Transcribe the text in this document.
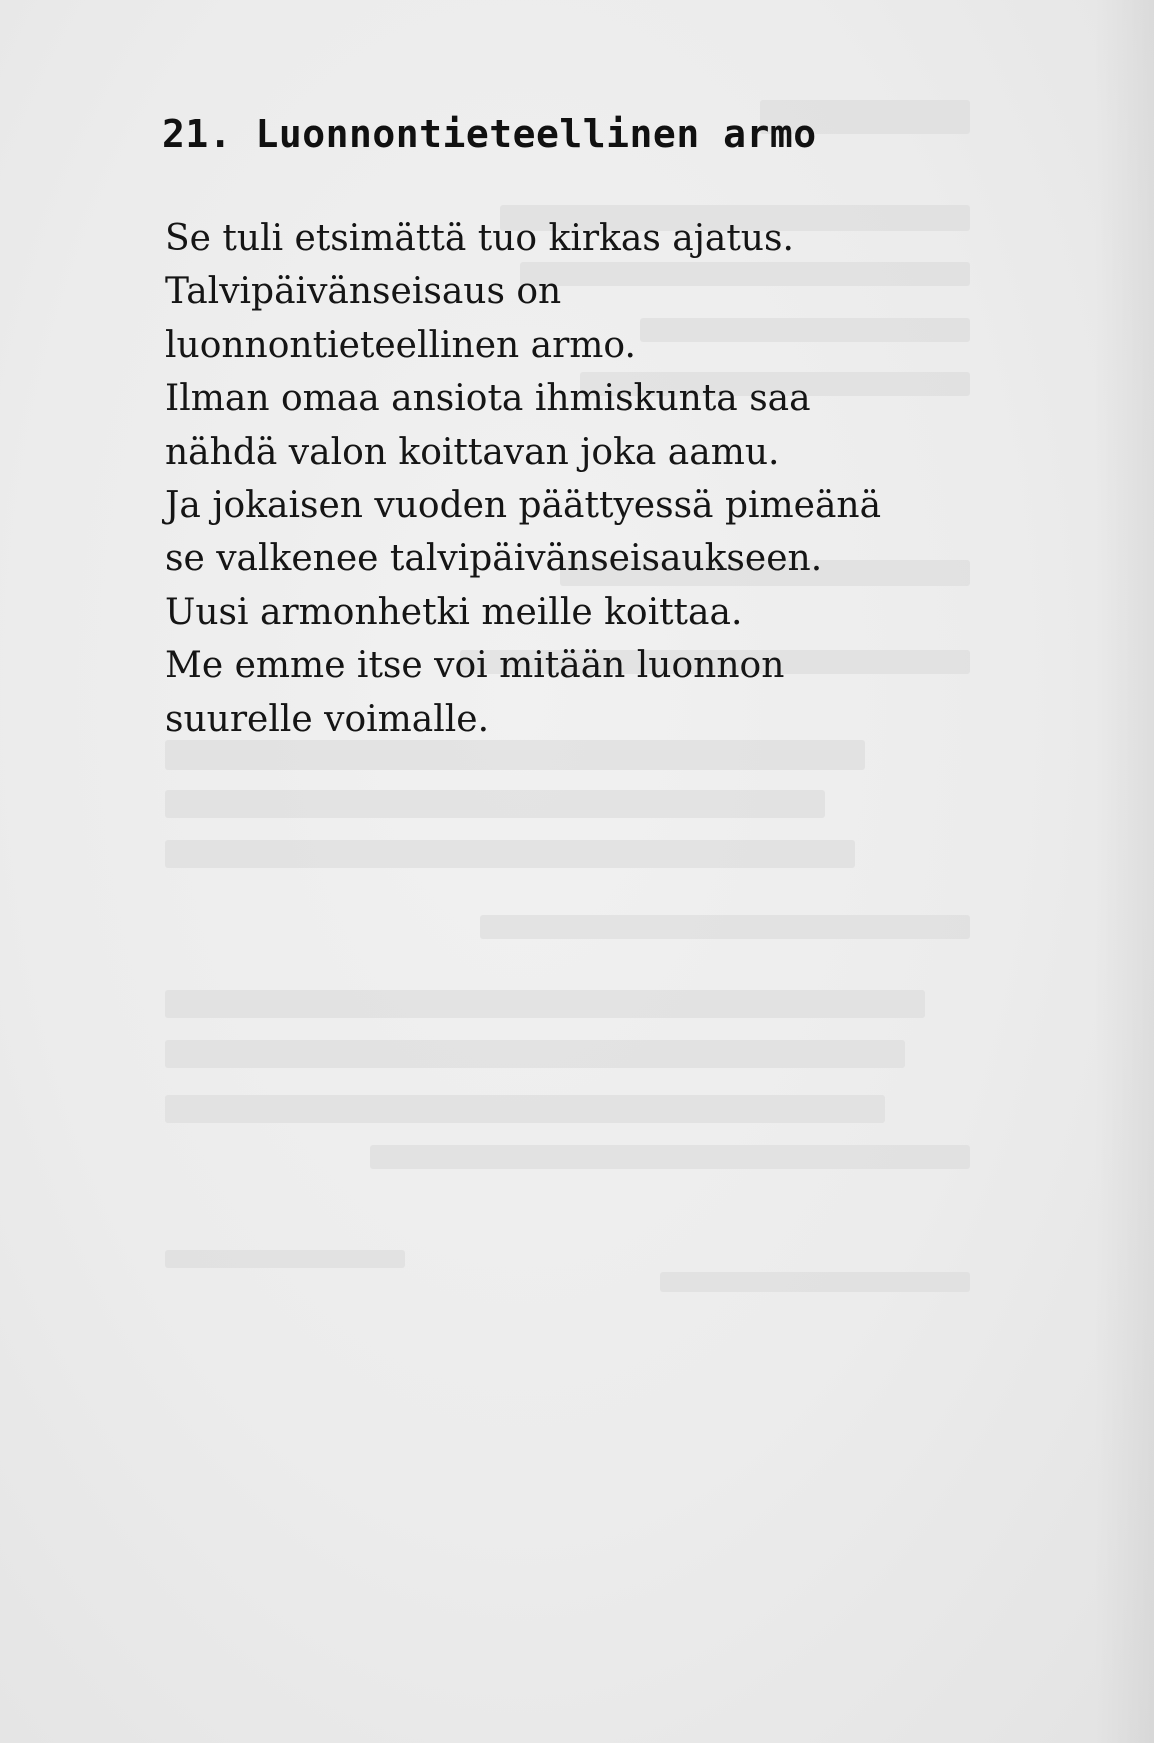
21. Luonnontieteellinen armo
Se tuli etsimättä tuo kirkas ajatus.
Talvipäivänseisaus on
luonnontieteellinen armo.
Ilman omaa ansiota ihmiskunta saa
nähdä valon koittavan joka aamu.
Ja jokaisen vuoden päättyessä pimeänä
se valkenee talvipäivänseisaukseen.
Uusi armonhetki meille koittaa.
Me emme itse voi mitään luonnon
suurelle voimalle.
